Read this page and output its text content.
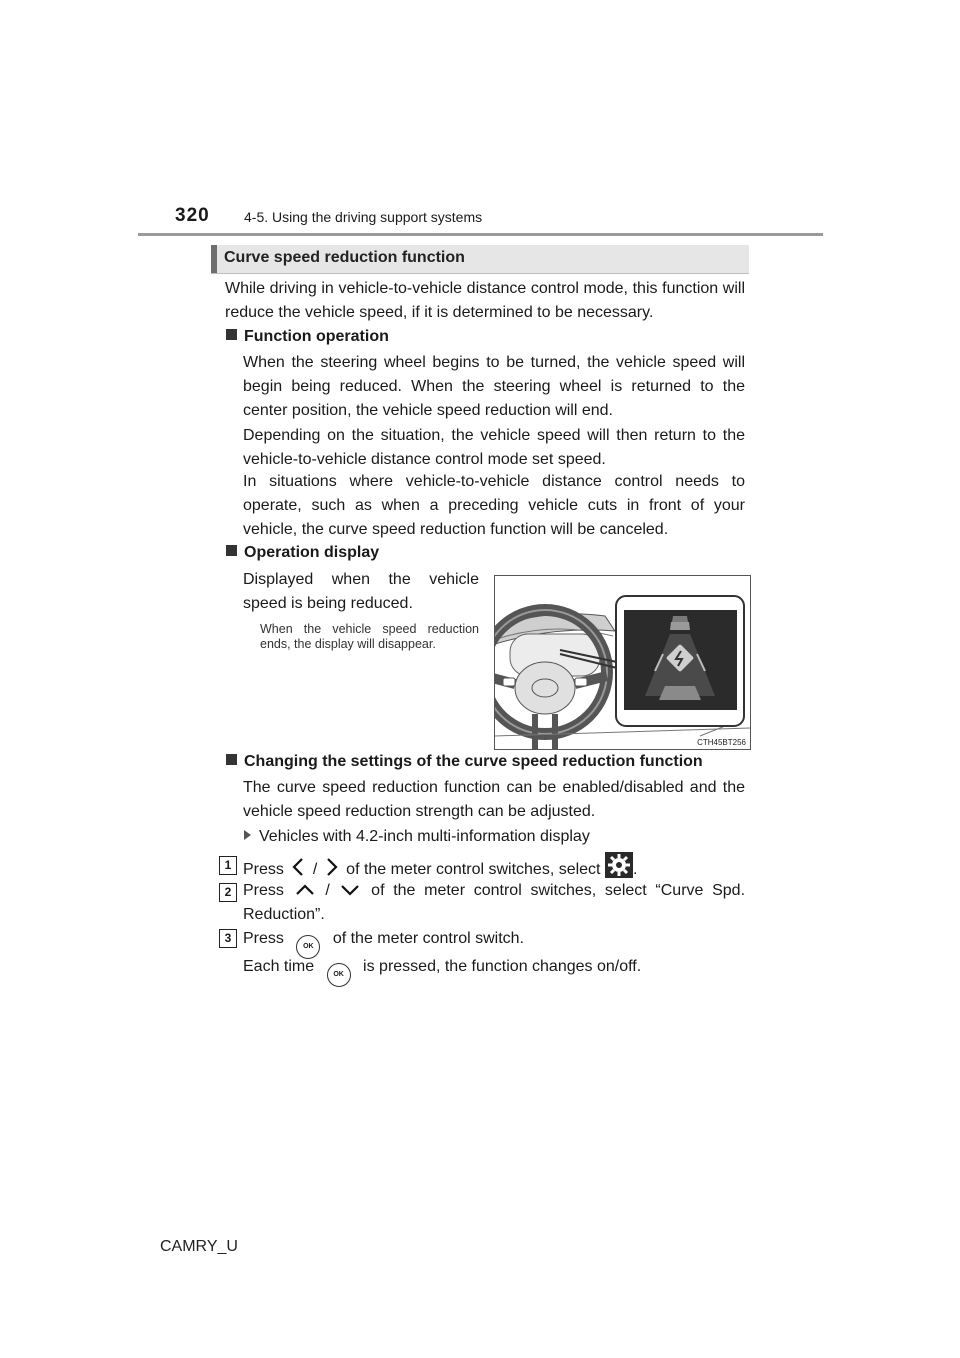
320 4-5. Using the driving support systems
Curve speed reduction function
While driving in vehicle-to-vehicle distance control mode, this function will reduce the vehicle speed, if it is determined to be necessary.
Function operation
When the steering wheel begins to be turned, the vehicle speed will begin being reduced. When the steering wheel is returned to the center position, the vehicle speed reduction will end.
Depending on the situation, the vehicle speed will then return to the vehicle-to-vehicle distance control mode set speed.
In situations where vehicle-to-vehicle distance control needs to operate, such as when a preceding vehicle cuts in front of your vehicle, the curve speed reduction function will be canceled.
Operation display
Displayed when the vehicle speed is being reduced.
When the vehicle speed reduction ends, the display will disappear.
CTH45BT256
Changing the settings of the curve speed reduction function
The curve speed reduction function can be enabled/disabled and the vehicle speed reduction strength can be adjusted.
Vehicles with 4.2-inch multi-information display
1 Press / of the meter control switches, select .
2 Press	/	of the meter control switches, select “Curve Spd. Reduction”.
3 Press	OK of the meter control switch.
Each time	OK is pressed, the function changes on/off.
CAMRY_U
